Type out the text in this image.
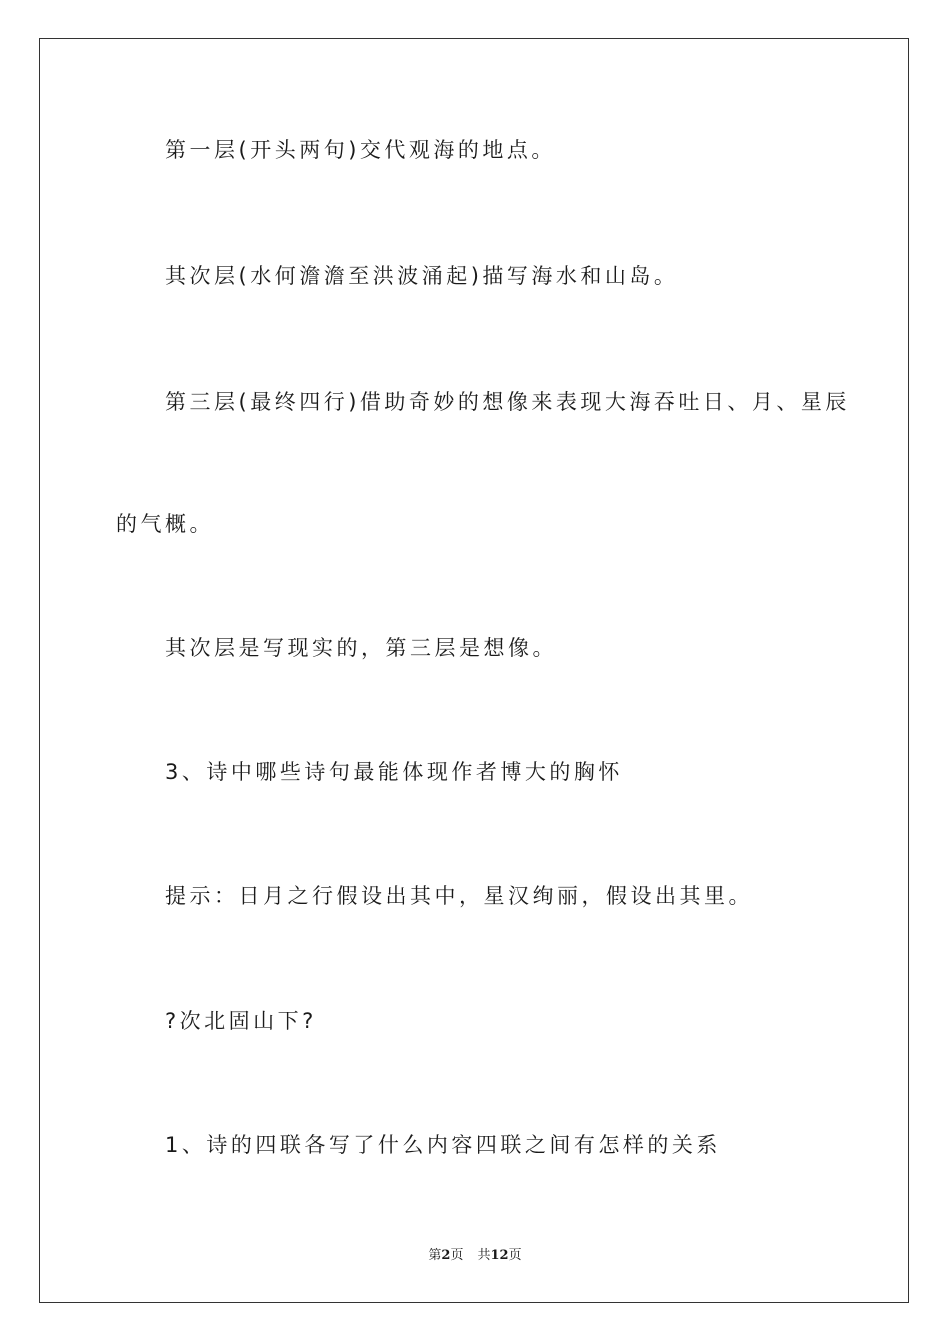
第一层(开头两句)交代观海的地点。

其次层(水何澹澹至洪波涌起)描写海水和山岛。

第三层(最终四行)借助奇妙的想像来表现大海吞吐日、月、星辰

的气概。

其次层是写现实的，第三层是想像。

3、诗中哪些诗句最能体现作者博大的胸怀

提示：日月之行假设出其中，星汉绚丽，假设出其里。

?次北固山下?

1、诗的四联各写了什么内容四联之间有怎样的关系

第2页 共12页
